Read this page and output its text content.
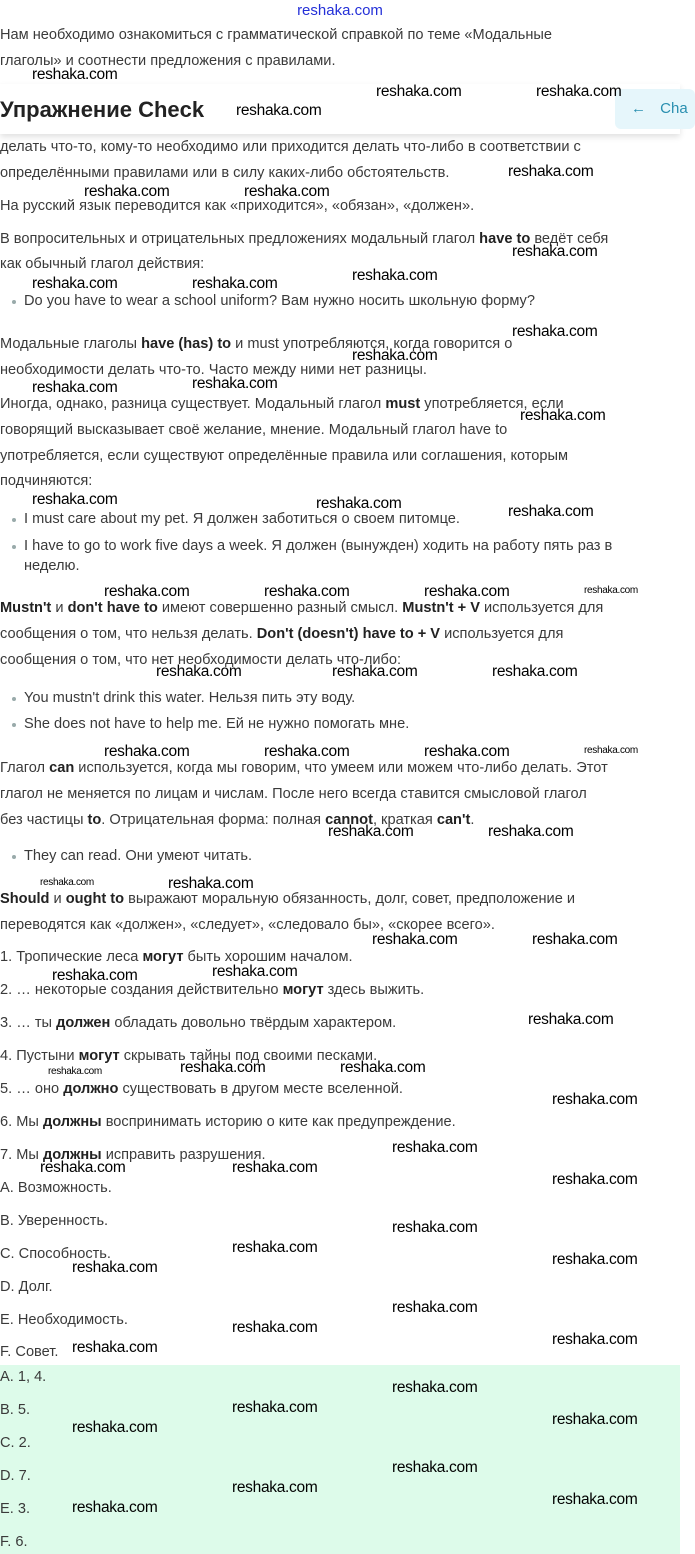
reshaka.com
Нам необходимо ознакомиться с грамматической справкой по теме «Модальные
глаголы» и соотнести предложения с правилами.
делать что-то, кому-то необходимо или приходится делать что-либо в соответствии с
определёнными правилами или в силу каких-либо обстоятельств.
На русский язык переводится как «приходится», «обязан», «должен».
В вопросительных и отрицательных предложениях модальный глагол have to ведёт себя
как обычный глагол действия:
Do you have to wear a school uniform? Вам нужно носить школьную форму?
Модальные глаголы have (has) to и must употребляются, когда говорится о
необходимости делать что-то. Часто между ними нет разницы.
Иногда, однако, разница существует. Модальный глагол must употребляется, если
говорящий высказывает своё желание, мнение. Модальный глагол have to
употребляется, если существуют определённые правила или соглашения, которым
подчиняются:
I must care about my pet. Я должен заботиться о своем питомце.
I have to go to work five days a week. Я должен (вынужден) ходить на работу пять раз в
неделю.
Mustn't и don't have to имеют совершенно разный смысл. Mustn't + V используется для
сообщения о том, что нельзя делать. Don't (doesn't) have to + V используется для
сообщения о том, что нет необходимости делать что-либо:
You mustn't drink this water. Нельзя пить эту воду.
She does not have to help me. Ей не нужно помогать мне.
Глагол can используется, когда мы говорим, что умеем или можем что-либо делать. Этот
глагол не меняется по лицам и числам. После него всегда ставится смысловой глагол
без частицы to. Отрицательная форма: полная cannot, краткая can't.
They can read. Они умеют читать.
Should и ought to выражают моральную обязанность, долг, совет, предположение и
переводятся как «должен», «следует», «следовало бы», «скорее всего».
1. Тропические леса могут быть хорошим началом.
2. … некоторые создания действительно могут здесь выжить.
3. … ты должен обладать довольно твёрдым характером.
4. Пустыни могут скрывать тайны под своими песками.
5. … оно должно существовать в другом месте вселенной.
6. Мы должны воспринимать историю о ките как предупреждение.
7. Мы должны исправить разрушения.
A. Возможность.
B. Уверенность.
C. Способность.
D. Долг.
E. Необходимость.
F. Совет.
A. 1, 4.
B. 5.
C. 2.
D. 7.
E. 3.
F. 6.
Упражнение Check	← Cha
reshaka.com
reshaka.com
reshaka.com	reshaka.com
reshaka.com
reshaka.com	reshaka.com
reshaka.com
reshaka.com	reshaka.com	reshaka.com
reshaka.com
reshaka.com
reshaka.com	reshaka.com
reshaka.com
reshaka.com	reshaka.com	reshaka.com
reshaka.com	reshaka.com	reshaka.com	reshaka.com
reshaka.com	reshaka.com	reshaka.com
reshaka.com	reshaka.com	reshaka.com	reshaka.com
reshaka.com	reshaka.com
reshaka.com	reshaka.com
reshaka.com	reshaka.com
reshaka.com	reshaka.com
reshaka.com
reshaka.com	reshaka.com	reshaka.com
reshaka.com
reshaka.com
reshaka.com	reshaka.com
reshaka.com
reshaka.com
reshaka.com
reshaka.com
reshaka.com
reshaka.com
reshaka.com
reshaka.com
reshaka.com
reshaka.com
reshaka.com
reshaka.com
reshaka.com
reshaka.com
reshaka.com
reshaka.com
reshaka.com
